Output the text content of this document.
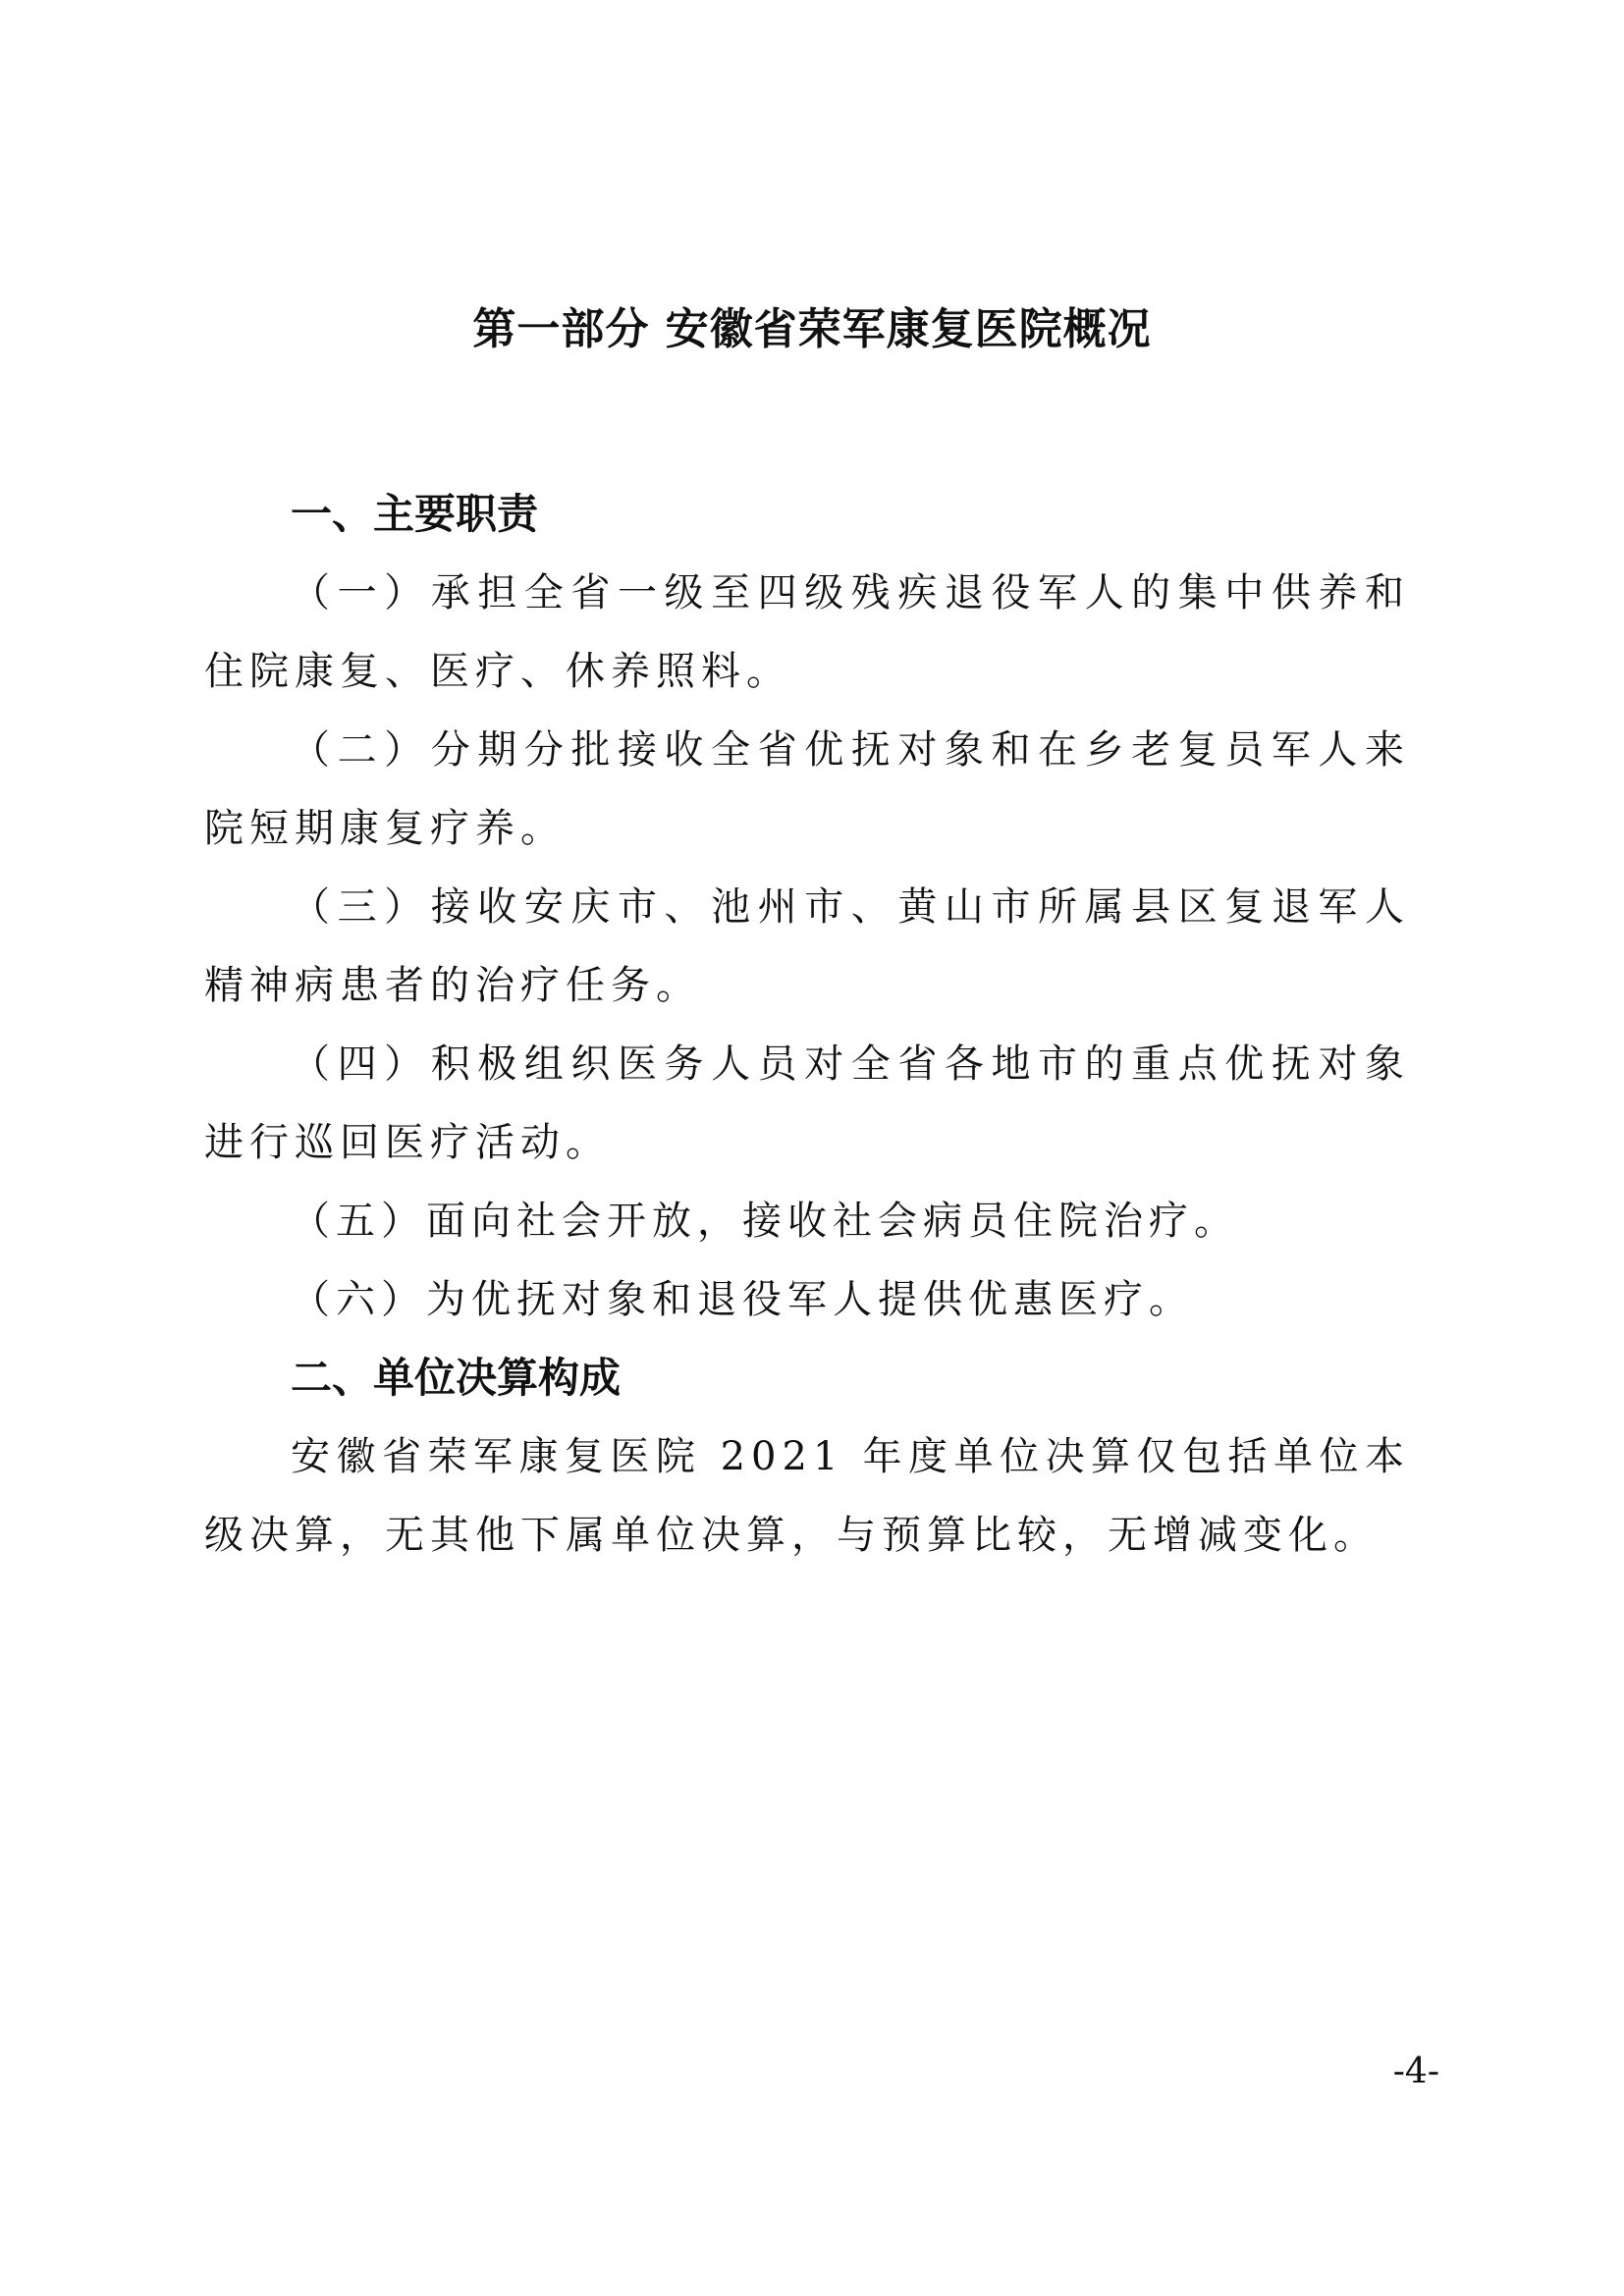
第一部分 安徽省荣军康复医院概况
一、主要职责

（一）承担全省一级至四级残疾退役军人的集中供养和住院康复、医疗、休养照料。

（二）分期分批接收全省优抚对象和在乡老复员军人来院短期康复疗养。

（三）接收安庆市、池州市、黄山市所属县区复退军人精神病患者的治疗任务。

（四）积极组织医务人员对全省各地市的重点优抚对象进行巡回医疗活动。

（五）面向社会开放，接收社会病员住院治疗。

（六）为优抚对象和退役军人提供优惠医疗。

二、单位决算构成

安徽省荣军康复医院 2021 年度单位决算仅包括单位本级决算，无其他下属单位决算，与预算比较，无增减变化。

-4-
